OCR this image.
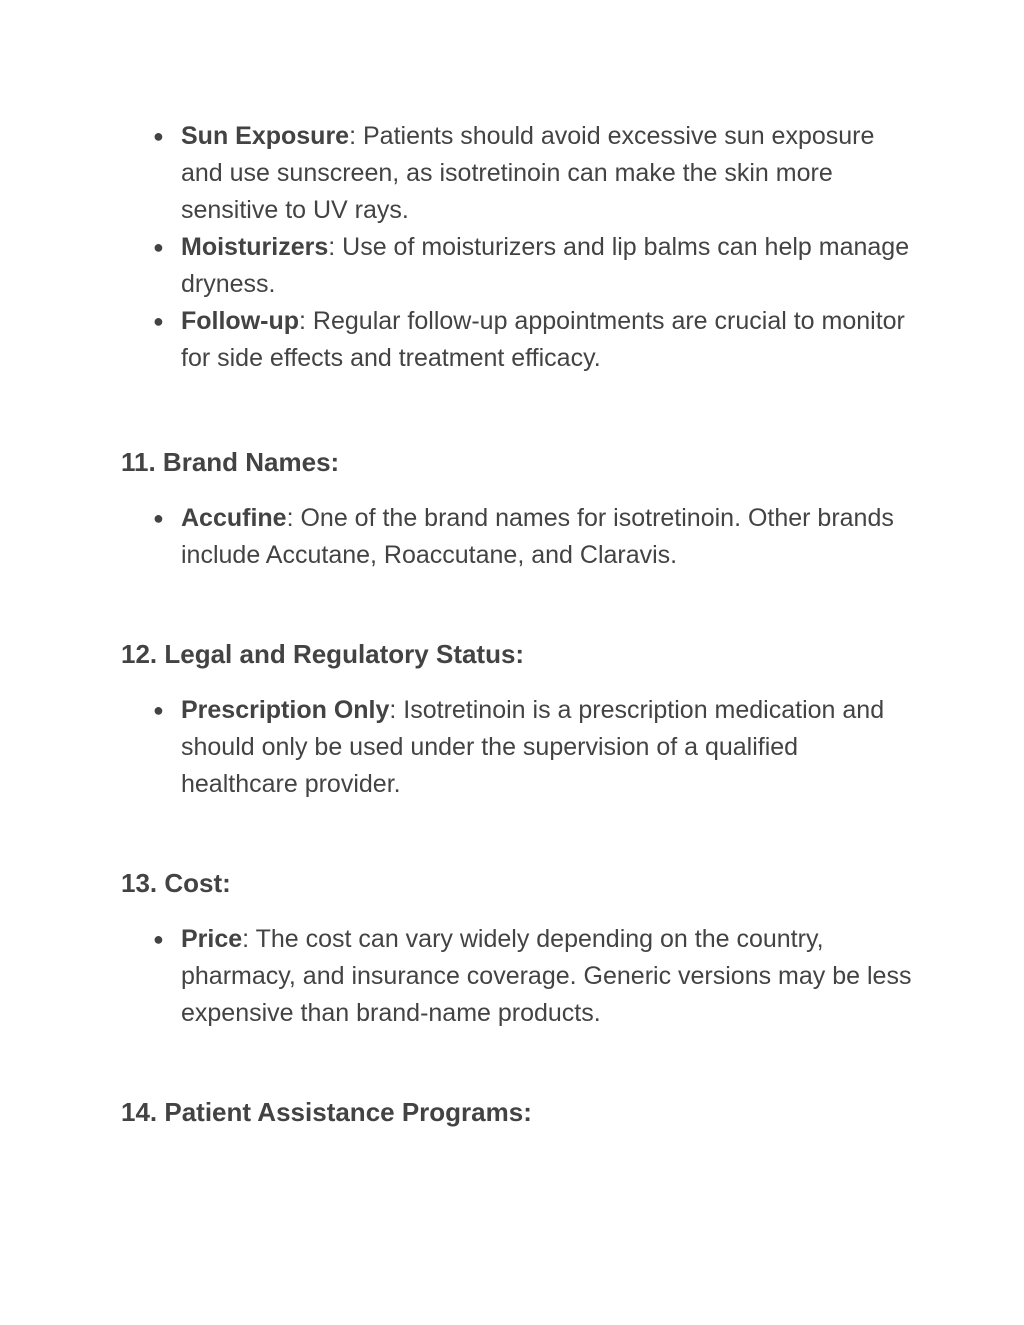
● Sun Exposure: Patients should avoid excessive sun exposure and use sunscreen, as isotretinoin can make the skin more sensitive to UV rays.
● Moisturizers: Use of moisturizers and lip balms can help manage dryness.
● Follow-up: Regular follow-up appointments are crucial to monitor for side effects and treatment efficacy.
11. Brand Names:
● Accufine: One of the brand names for isotretinoin. Other brands include Accutane, Roaccutane, and Claravis.
12. Legal and Regulatory Status:
● Prescription Only: Isotretinoin is a prescription medication and should only be used under the supervision of a qualified healthcare provider.
13. Cost:
● Price: The cost can vary widely depending on the country, pharmacy, and insurance coverage. Generic versions may be less expensive than brand-name products.
14. Patient Assistance Programs:
